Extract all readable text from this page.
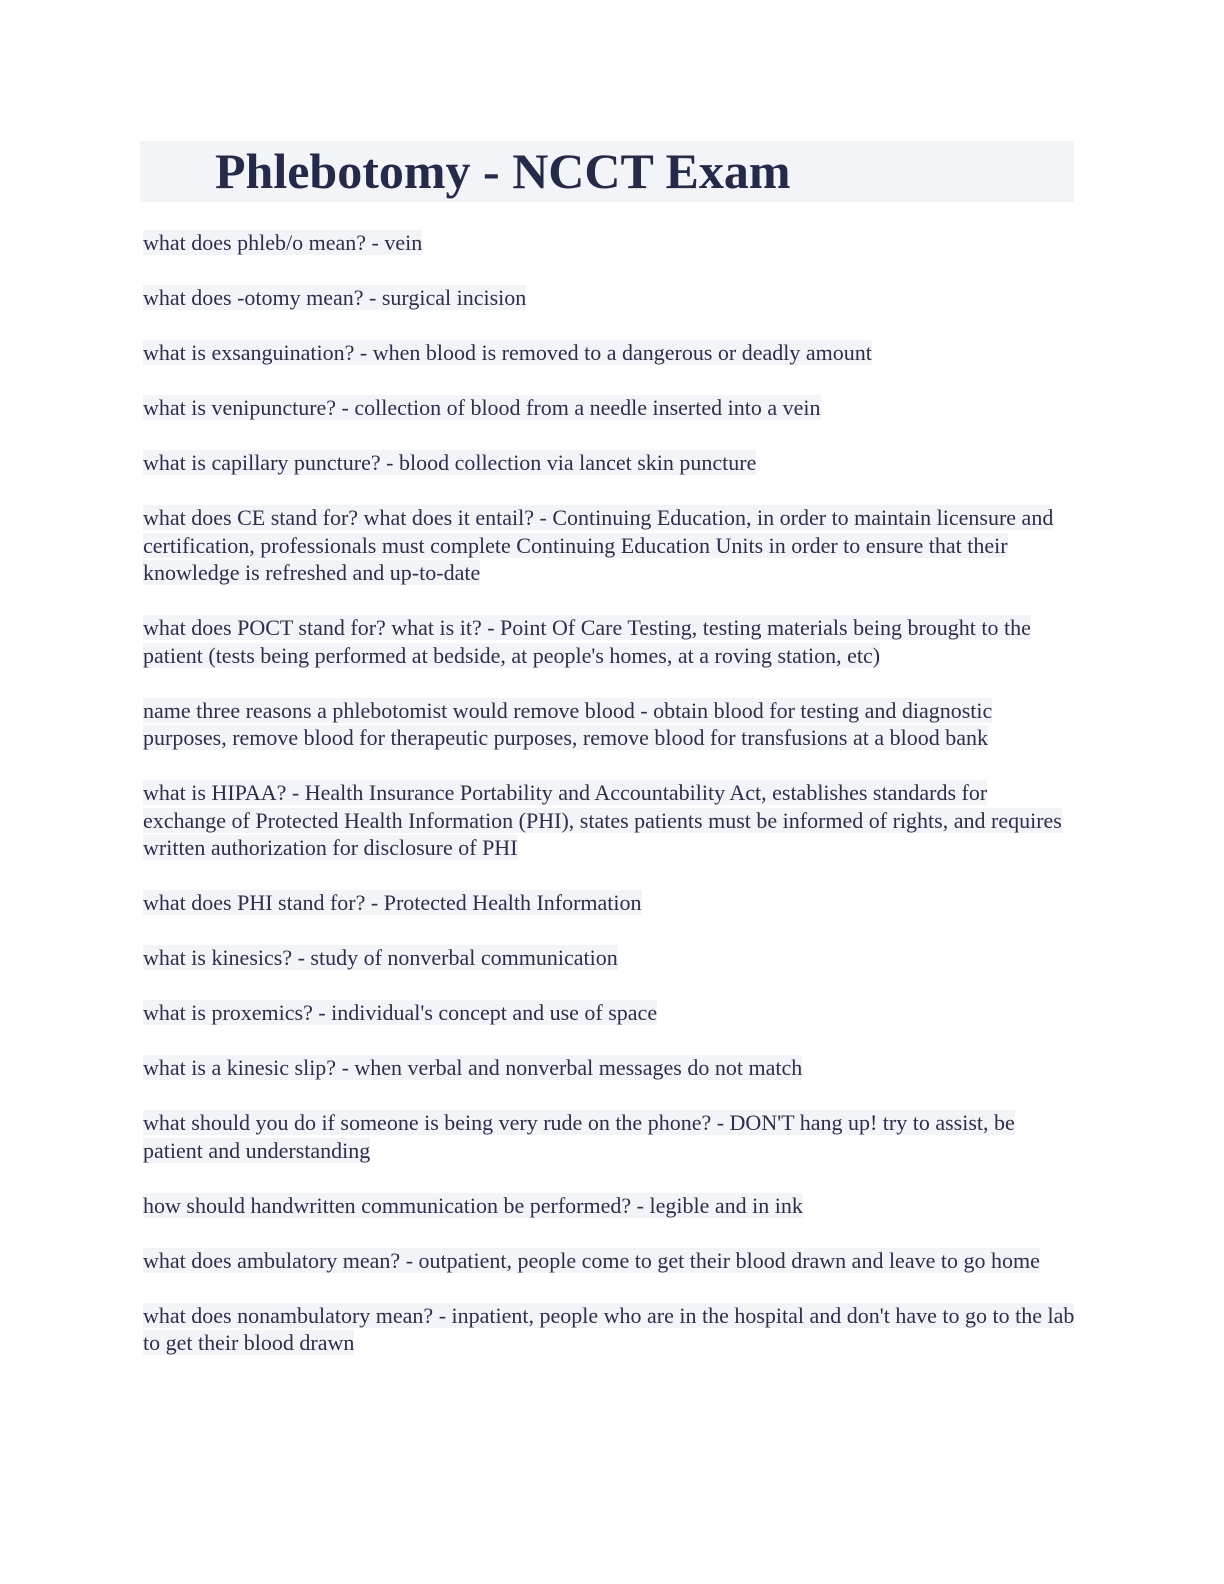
Phlebotomy - NCCT Exam

what does phleb/o mean? - vein

what does -otomy mean? - surgical incision

what is exsanguination? - when blood is removed to a dangerous or deadly amount

what is venipuncture? - collection of blood from a needle inserted into a vein

what is capillary puncture? - blood collection via lancet skin puncture

what does CE stand for? what does it entail? - Continuing Education, in order to maintain licensure and certification, professionals must complete Continuing Education Units in order to ensure that their knowledge is refreshed and up-to-date

what does POCT stand for? what is it? - Point Of Care Testing, testing materials being brought to the patient (tests being performed at bedside, at people's homes, at a roving station, etc)

name three reasons a phlebotomist would remove blood - obtain blood for testing and diagnostic purposes, remove blood for therapeutic purposes, remove blood for transfusions at a blood bank

what is HIPAA? - Health Insurance Portability and Accountability Act, establishes standards for exchange of Protected Health Information (PHI), states patients must be informed of rights, and requires written authorization for disclosure of PHI

what does PHI stand for? - Protected Health Information

what is kinesics? - study of nonverbal communication

what is proxemics? - individual's concept and use of space

what is a kinesic slip? - when verbal and nonverbal messages do not match

what should you do if someone is being very rude on the phone? - DON'T hang up! try to assist, be patient and understanding

how should handwritten communication be performed? - legible and in ink

what does ambulatory mean? - outpatient, people come to get their blood drawn and leave to go home

what does nonambulatory mean? - inpatient, people who are in the hospital and don't have to go to the lab to get their blood drawn
